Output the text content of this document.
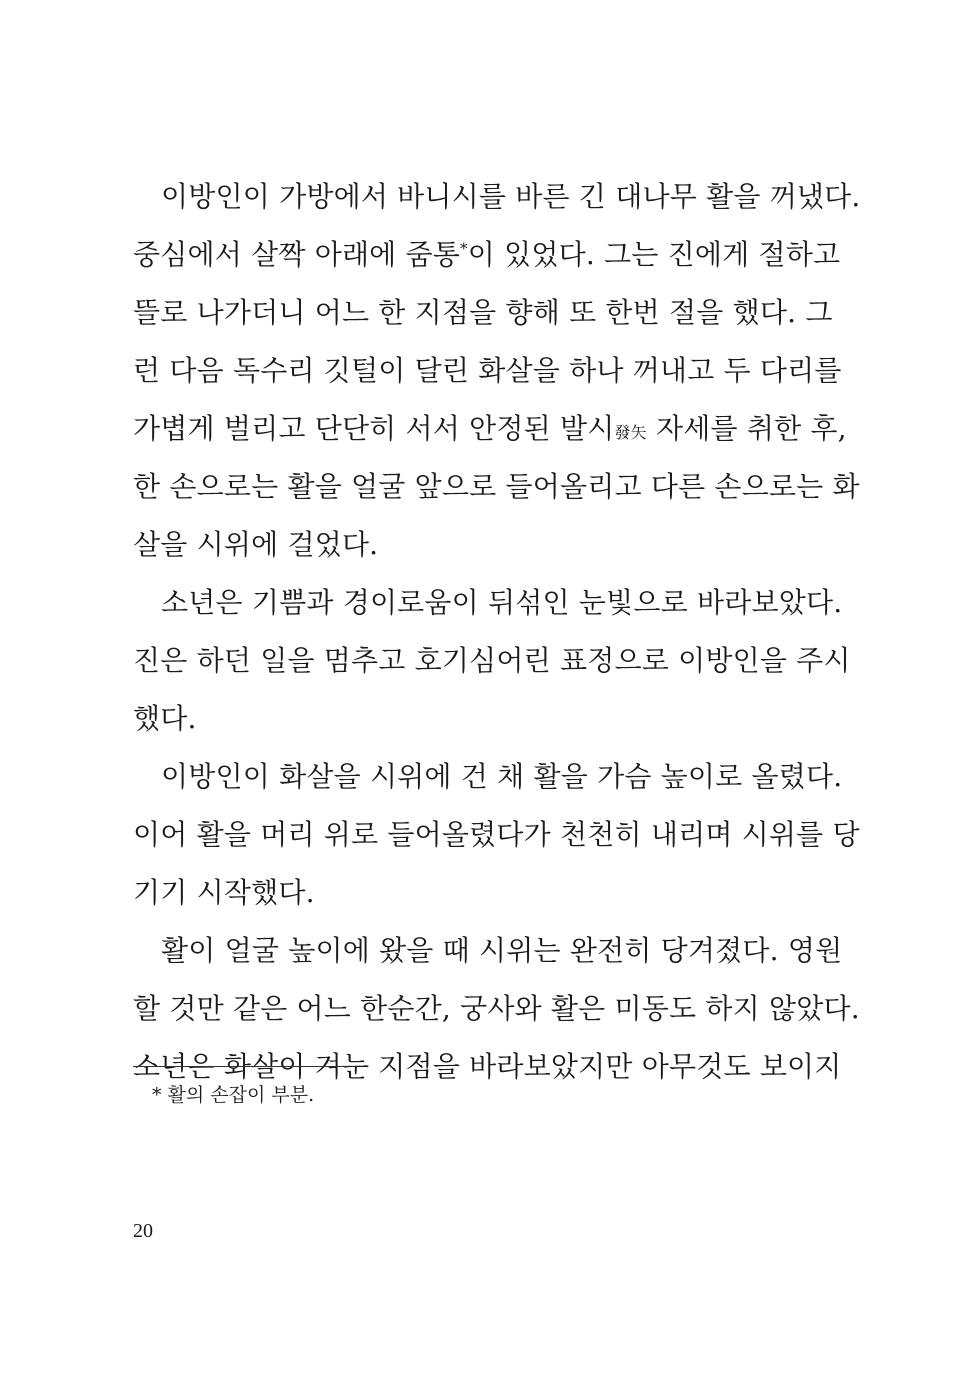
이방인이 가방에서 바니시를 바른 긴 대나무 활을 꺼냈다.
중심에서 살짝 아래에 줌통*이 있었다. 그는 진에게 절하고
뜰로 나가더니 어느 한 지점을 향해 또 한번 절을 했다. 그
런 다음 독수리 깃털이 달린 화살을 하나 꺼내고 두 다리를
가볍게 벌리고 단단히 서서 안정된 발시發矢 자세를 취한 후,
한 손으로는 활을 얼굴 앞으로 들어올리고 다른 손으로는 화
살을 시위에 걸었다.
소년은 기쁨과 경이로움이 뒤섞인 눈빛으로 바라보았다.
진은 하던 일을 멈추고 호기심어린 표정으로 이방인을 주시
했다.
이방인이 화살을 시위에 건 채 활을 가슴 높이로 올렸다.
이어 활을 머리 위로 들어올렸다가 천천히 내리며 시위를 당
기기 시작했다.
활이 얼굴 높이에 왔을 때 시위는 완전히 당겨졌다. 영원
할 것만 같은 어느 한순간, 궁사와 활은 미동도 하지 않았다.
소년은 화살이 겨눈 지점을 바라보았지만 아무것도 보이지
* 활의 손잡이 부분.
20
